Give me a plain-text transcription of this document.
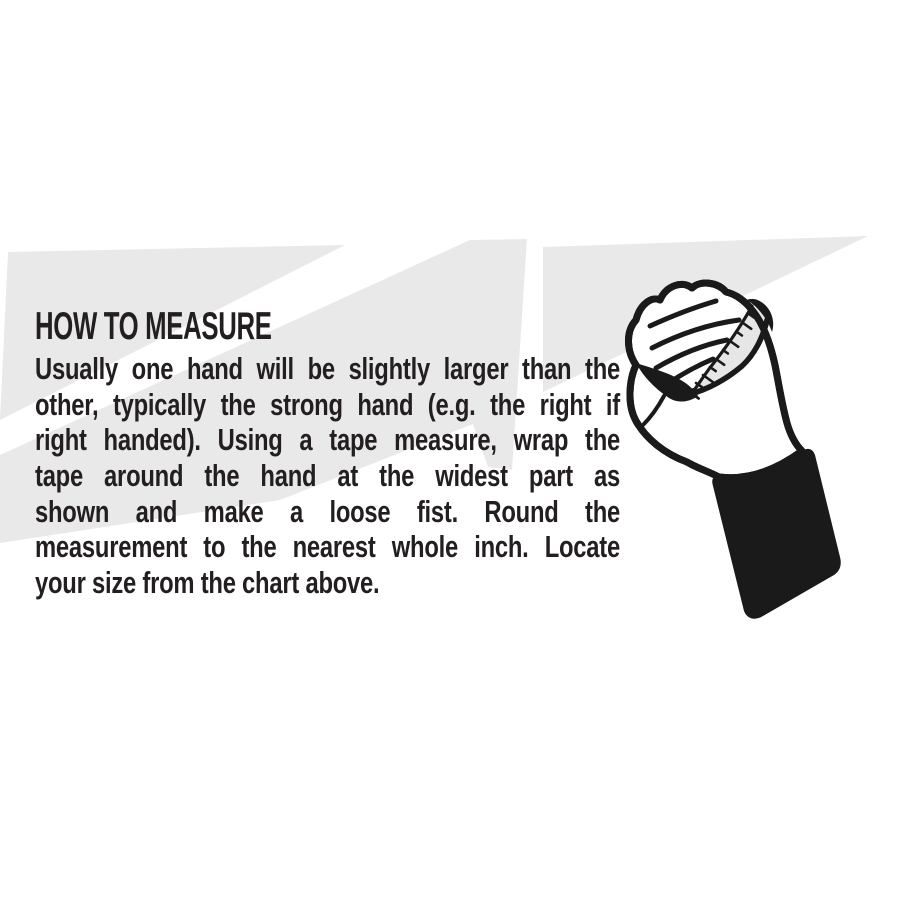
HOW TO MEASURE
Usually one hand will be slightly larger than the
other, typically the strong hand (e.g. the right if
right handed). Using a tape measure, wrap the
tape around the hand at the widest part as
shown and make a loose fist. Round the
measurement to the nearest whole inch. Locate
your size from the chart above.
